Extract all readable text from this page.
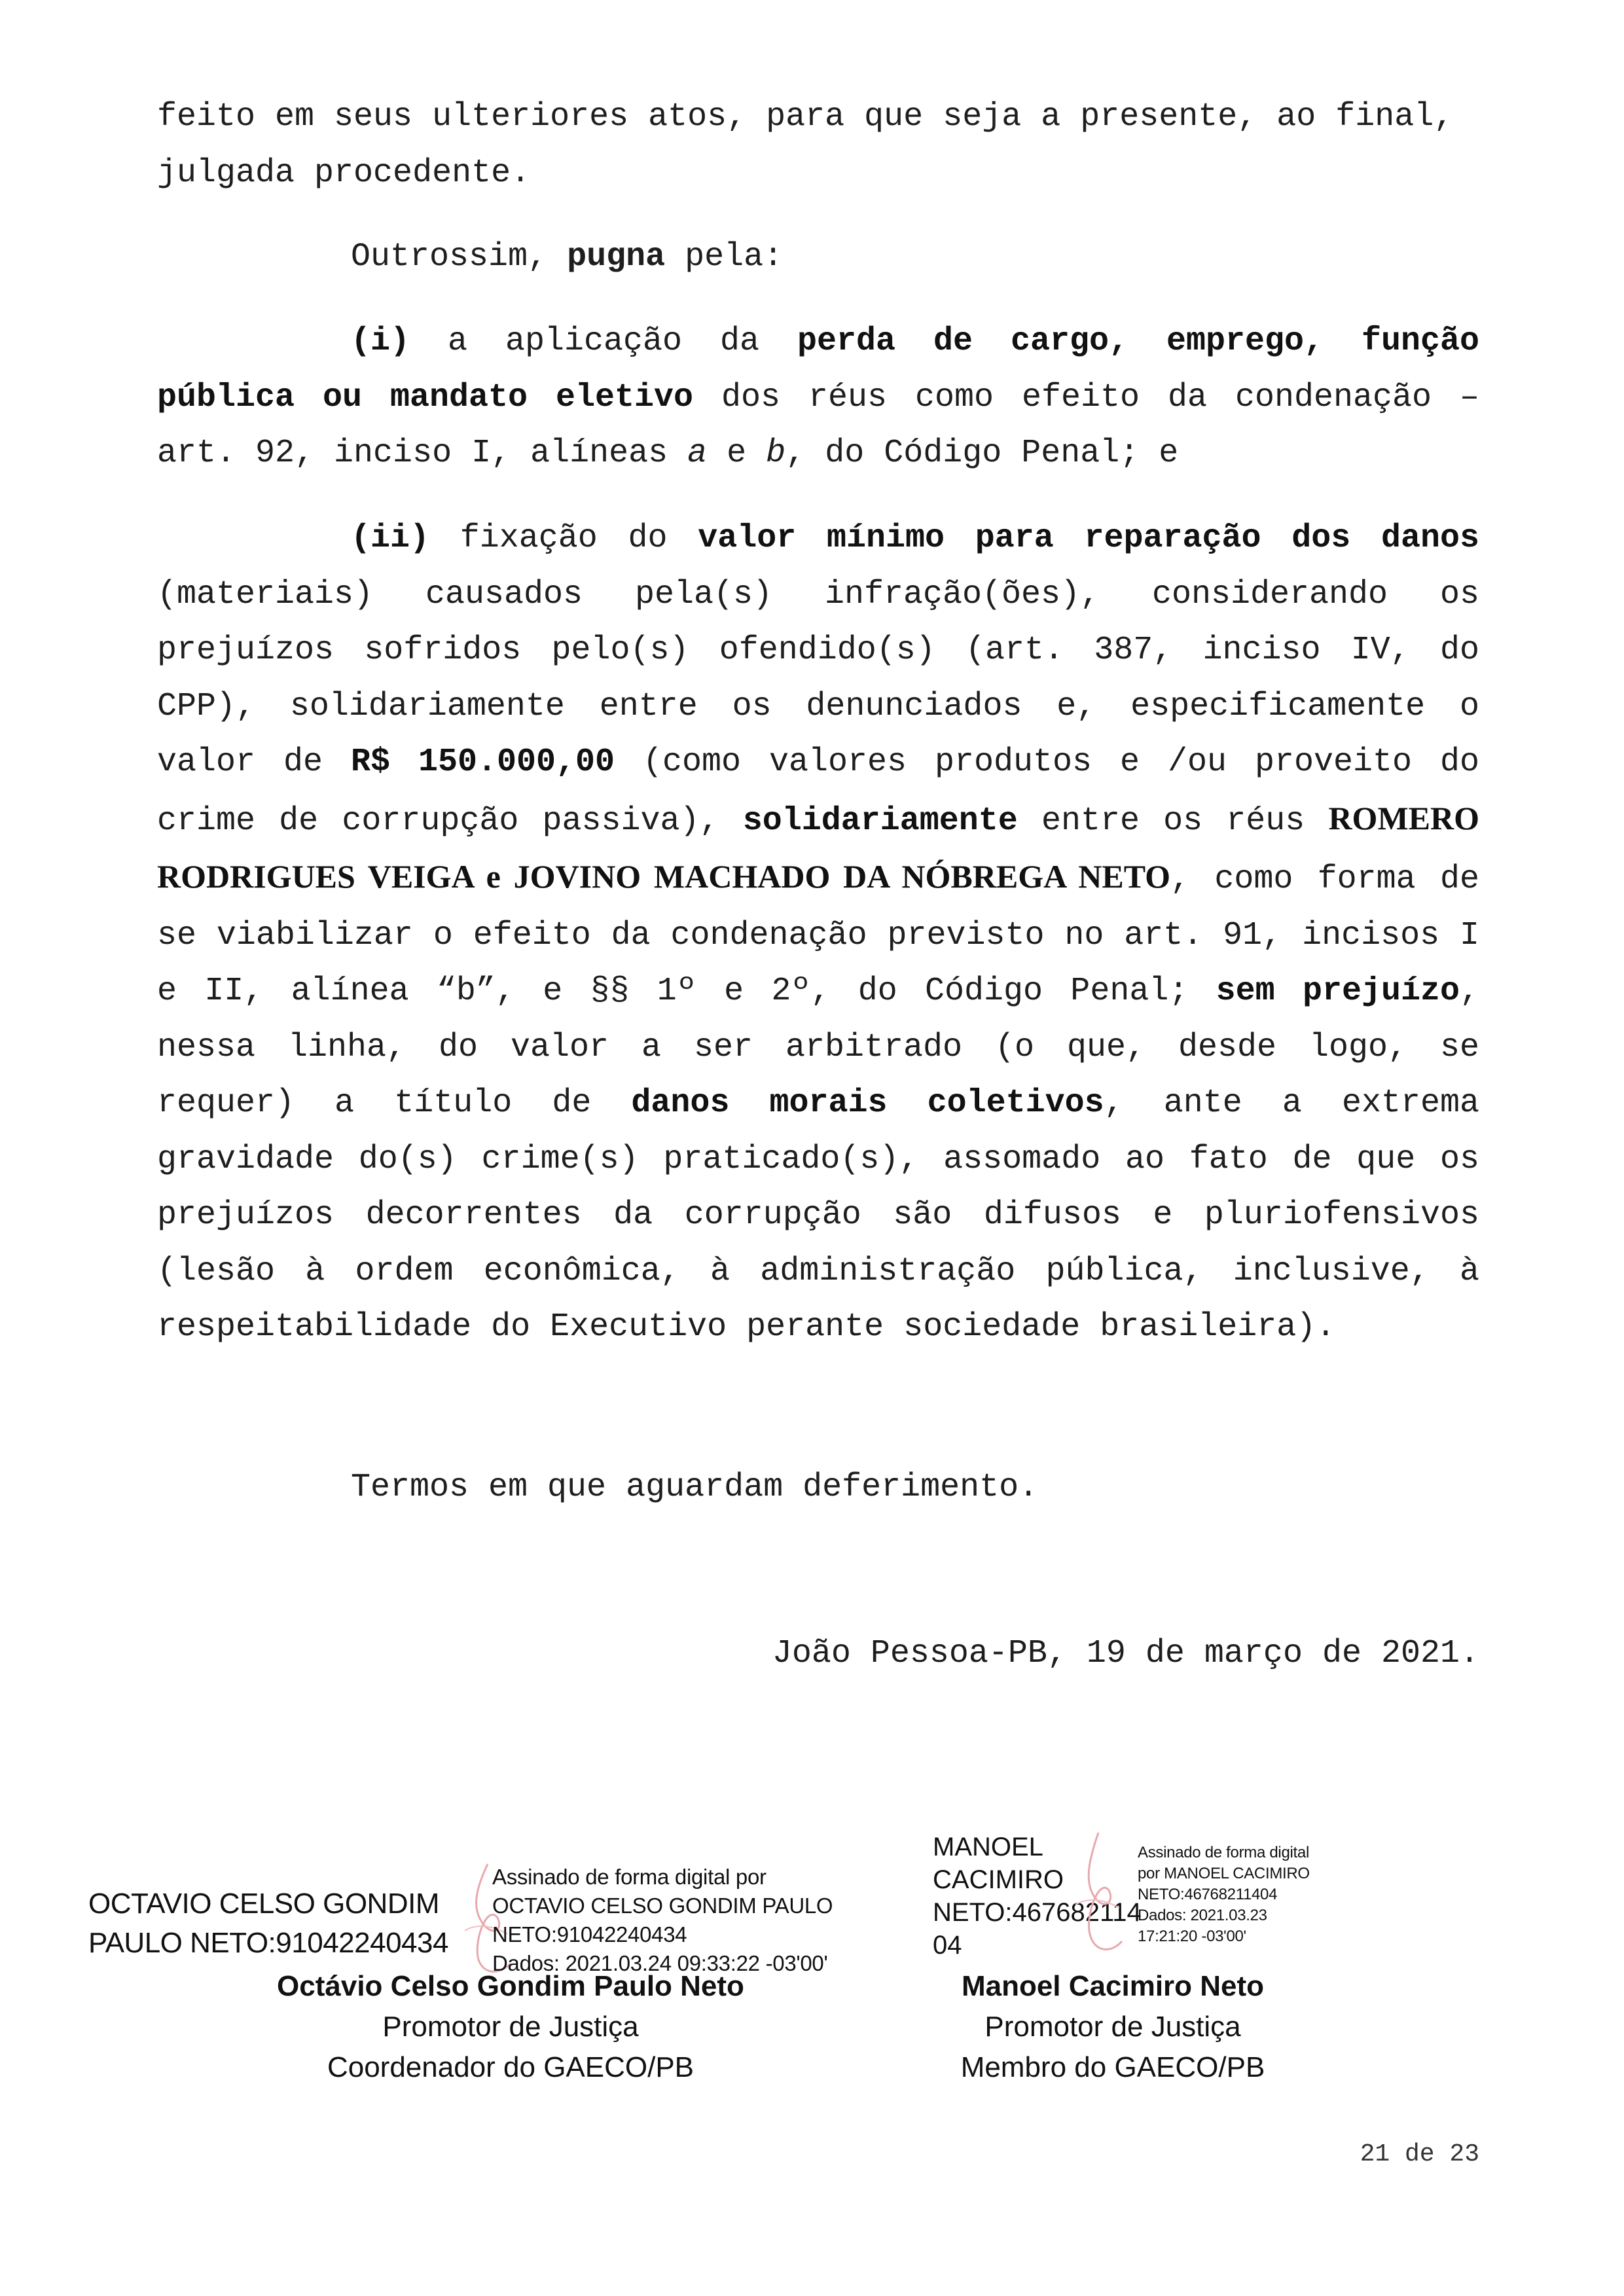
feito em seus ulteriores atos, para que seja a presente, ao final,

julgada procedente.

Outrossim, pugna pela:

(i) a aplicação da perda de cargo, emprego, função pública ou mandato eletivo dos réus como efeito da condenação – art. 92, inciso I, alíneas a e b, do Código Penal; e

(ii) fixação do valor mínimo para reparação dos danos (materiais) causados pela(s) infração(ões), considerando os prejuízos sofridos pelo(s) ofendido(s) (art. 387, inciso IV, do CPP), solidariamente entre os denunciados e, especificamente o valor de R$ 150.000,00 (como valores produtos e /ou proveito do crime de corrupção passiva), solidariamente entre os réus ROMERO RODRIGUES VEIGA e JOVINO MACHADO DA NÓBREGA NETO, como forma de se viabilizar o efeito da condenação previsto no art. 91, incisos I e II, alínea “b”, e §§ 1º e 2º, do Código Penal; sem prejuízo, nessa linha, do valor a ser arbitrado (o que, desde logo, se requer) a título de danos morais coletivos, ante a extrema gravidade do(s) crime(s) praticado(s), assomado ao fato de que os prejuízos decorrentes da corrupção são difusos e pluriofensivos (lesão à ordem econômica, à administração pública, inclusive, à respeitabilidade do Executivo perante sociedade brasileira).

Termos em que aguardam deferimento.

João Pessoa-PB, 19 de março de 2021.

OCTAVIO CELSO GONDIM
PAULO NETO:91042240434
Assinado de forma digital por
OCTAVIO CELSO GONDIM PAULO
NETO:91042240434
Dados: 2021.03.24 09:33:22 -03'00'
Octávio Celso Gondim Paulo Neto
Promotor de Justiça
Coordenador do GAECO/PB
MANOEL
CACIMIRO
NETO:467682114
04
Assinado de forma digital
por MANOEL CACIMIRO
NETO:46768211404
Dados: 2021.03.23
17:21:20 -03'00'
Manoel Cacimiro Neto
Promotor de Justiça
Membro do GAECO/PB
21 de 23
